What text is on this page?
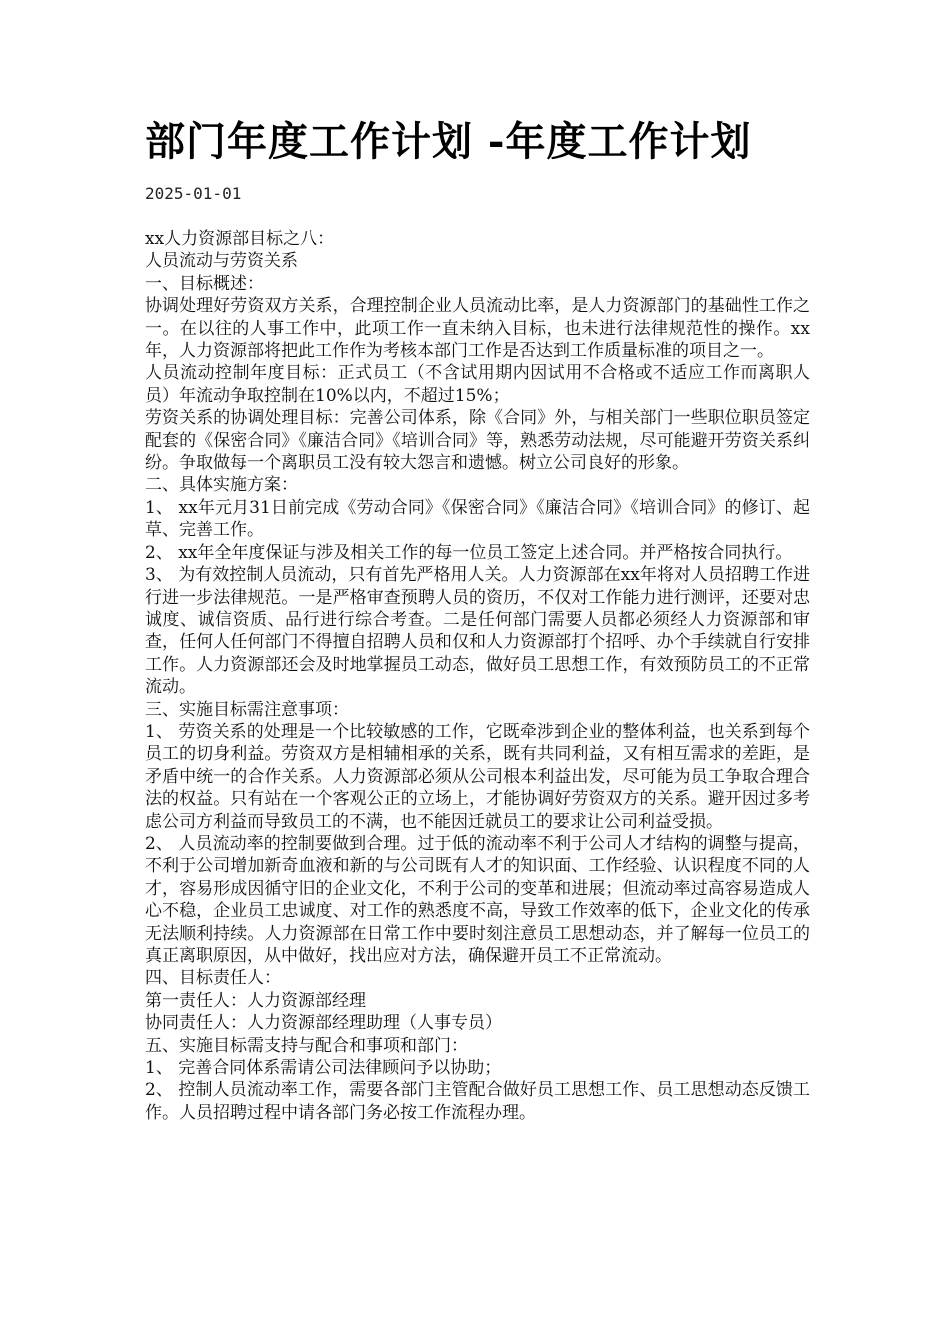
部门年度工作计划 -年度工作计划
2025-01-01

xx人力资源部目标之八：

人员流动与劳资关系

一、目标概述：

协调处理好劳资双方关系，合理控制企业人员流动比率，是人力资源部门的基础性工作之一。在以往的人事工作中，此项工作一直未纳入目标，也未进行法律规范性的操作。xx年，人力资源部将把此工作作为考核本部门工作是否达到工作质量标准的项目之一。

人员流动控制年度目标：正式员工（不含试用期内因试用不合格或不适应工作而离职人员）年流动争取控制在10%以内，不超过15%；

劳资关系的协调处理目标：完善公司体系，除《合同》外，与相关部门一些职位职员签定配套的《保密合同》《廉洁合同》《培训合同》等，熟悉劳动法规，尽可能避开劳资关系纠纷。争取做每一个离职员工没有较大怨言和遗憾。树立公司良好的形象。

二、具体实施方案：

1、 xx年元月31日前完成《劳动合同》《保密合同》《廉洁合同》《培训合同》的修订、起草、完善工作。

2、 xx年全年度保证与涉及相关工作的每一位员工签定上述合同。并严格按合同执行。

3、 为有效控制人员流动，只有首先严格用人关。人力资源部在xx年将对人员招聘工作进行进一步法律规范。一是严格审查预聘人员的资历，不仅对工作能力进行测评，还要对忠诚度、诚信资质、品行进行综合考查。二是任何部门需要人员都必须经人力资源部和审查，任何人任何部门不得擅自招聘人员和仅和人力资源部打个招呼、办个手续就自行安排工作。人力资源部还会及时地掌握员工动态，做好员工思想工作，有效预防员工的不正常流动。

三、实施目标需注意事项：

1、 劳资关系的处理是一个比较敏感的工作，它既牵涉到企业的整体利益，也关系到每个员工的切身利益。劳资双方是相辅相承的关系，既有共同利益，又有相互需求的差距，是矛盾中统一的合作关系。人力资源部必须从公司根本利益出发，尽可能为员工争取合理合法的权益。只有站在一个客观公正的立场上，才能协调好劳资双方的关系。避开因过多考虑公司方利益而导致员工的不满，也不能因迁就员工的要求让公司利益受损。

2、 人员流动率的控制要做到合理。过于低的流动率不利于公司人才结构的调整与提高，不利于公司增加新奇血液和新的与公司既有人才的知识面、工作经验、认识程度不同的人才，容易形成因循守旧的企业文化，不利于公司的变革和进展；但流动率过高容易造成人心不稳，企业员工忠诚度、对工作的熟悉度不高，导致工作效率的低下，企业文化的传承无法顺利持续。人力资源部在日常工作中要时刻注意员工思想动态，并了解每一位员工的真正离职原因，从中做好，找出应对方法，确保避开员工不正常流动。

四、目标责任人：

第一责任人：人力资源部经理

协同责任人：人力资源部经理助理（人事专员）

五、实施目标需支持与配合和事项和部门：

1、 完善合同体系需请公司法律顾问予以协助；

2、 控制人员流动率工作，需要各部门主管配合做好员工思想工作、员工思想动态反馈工作。人员招聘过程中请各部门务必按工作流程办理。
